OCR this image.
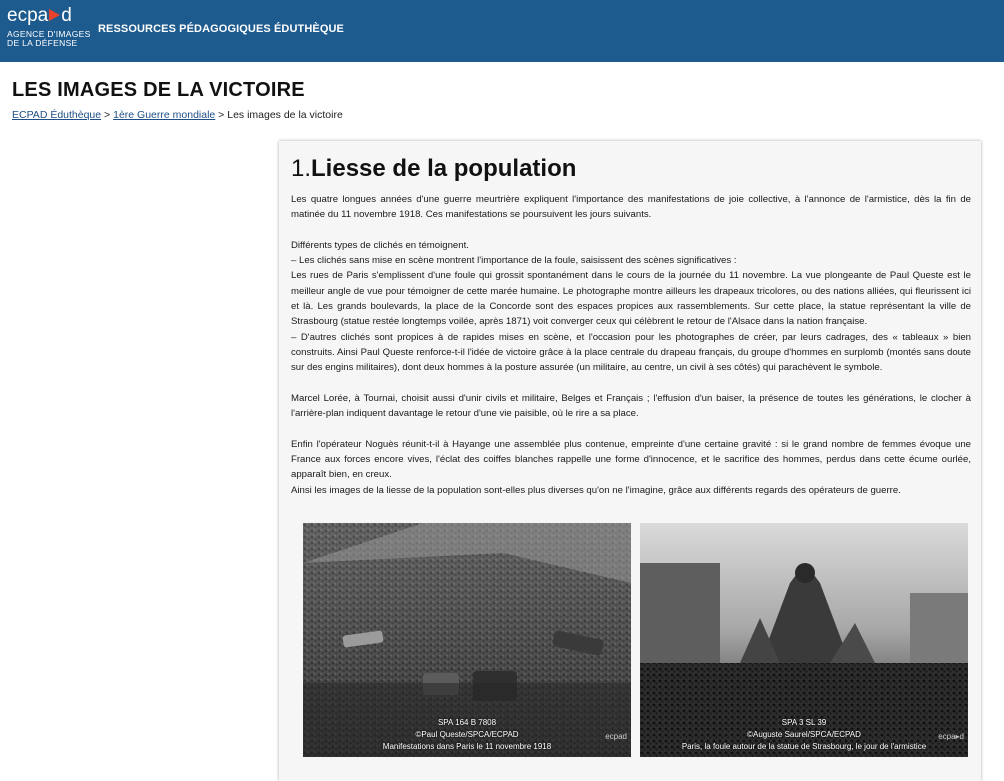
ecpa d
AGENCE D'IMAGES
DE LA DÉFENSE
RESSOURCES PÉDAGOGIQUES ÉDUTHÈQUE
LES IMAGES DE LA VICTOIRE
ECPAD Éduthèque > 1ère Guerre mondiale > Les images de la victoire
1.Liesse de la population

Les quatre longues années d'une guerre meurtrière expliquent l'importance des manifestations de joie collective, à l'annonce de l'armistice, dès la fin de matinée du 11 novembre 1918. Ces manifestations se poursuivent les jours suivants.

Différents types de clichés en témoignent.

– Les clichés sans mise en scène montrent l'importance de la foule, saisissent des scènes significatives :

Les rues de Paris s'emplissent d'une foule qui grossit spontanément dans le cours de la journée du 11 novembre. La vue plongeante de Paul Queste est le meilleur angle de vue pour témoigner de cette marée humaine. Le photographe montre ailleurs les drapeaux tricolores, ou des nations alliées, qui fleurissent ici et là. Les grands boulevards, la place de la Concorde sont des espaces propices aux rassemblements. Sur cette place, la statue représentant la ville de Strasbourg (statue restée longtemps voilée, après 1871) voit converger ceux qui célèbrent le retour de l'Alsace dans la nation française.

– D'autres clichés sont propices à de rapides mises en scène, et l'occasion pour les photographes de créer, par leurs cadrages, des « tableaux » bien construits. Ainsi Paul Queste renforce-t-il l'idée de victoire grâce à la place centrale du drapeau français, du groupe d'hommes en surplomb (montés sans doute sur des engins militaires), dont deux hommes à la posture assurée (un militaire, au centre, un civil à ses côtés) qui parachèvent le symbole.

Marcel Lorée, à Tournai, choisit aussi d'unir civils et militaire, Belges et Français ; l'effusion d'un baiser, la présence de toutes les générations, le clocher à l'arrière-plan indiquent davantage le retour d'une vie paisible, où le rire a sa place.

Enfin l'opérateur Noguès réunit-t-il à Hayange une assemblée plus contenue, empreinte d'une certaine gravité : si le grand nombre de femmes évoque une France aux forces encore vives, l'éclat des coiffes blanches rappelle une forme d'innocence, et le sacrifice des hommes, perdus dans cette écume ourlée, apparaît bien, en creux.

Ainsi les images de la liesse de la population sont-elles plus diverses qu'on ne l'imagine, grâce aux différents regards des opérateurs de guerre.

ecpad
SPA 164 B 7808
©Paul Queste/SPCA/ECPAD
Manifestations dans Paris le 11 novembre 1918
ecpa▸d
SPA 3 SL 39
©Auguste Saurel/SPCA/ECPAD
Paris, la foule autour de la statue de Strasbourg, le jour de l'armistice
